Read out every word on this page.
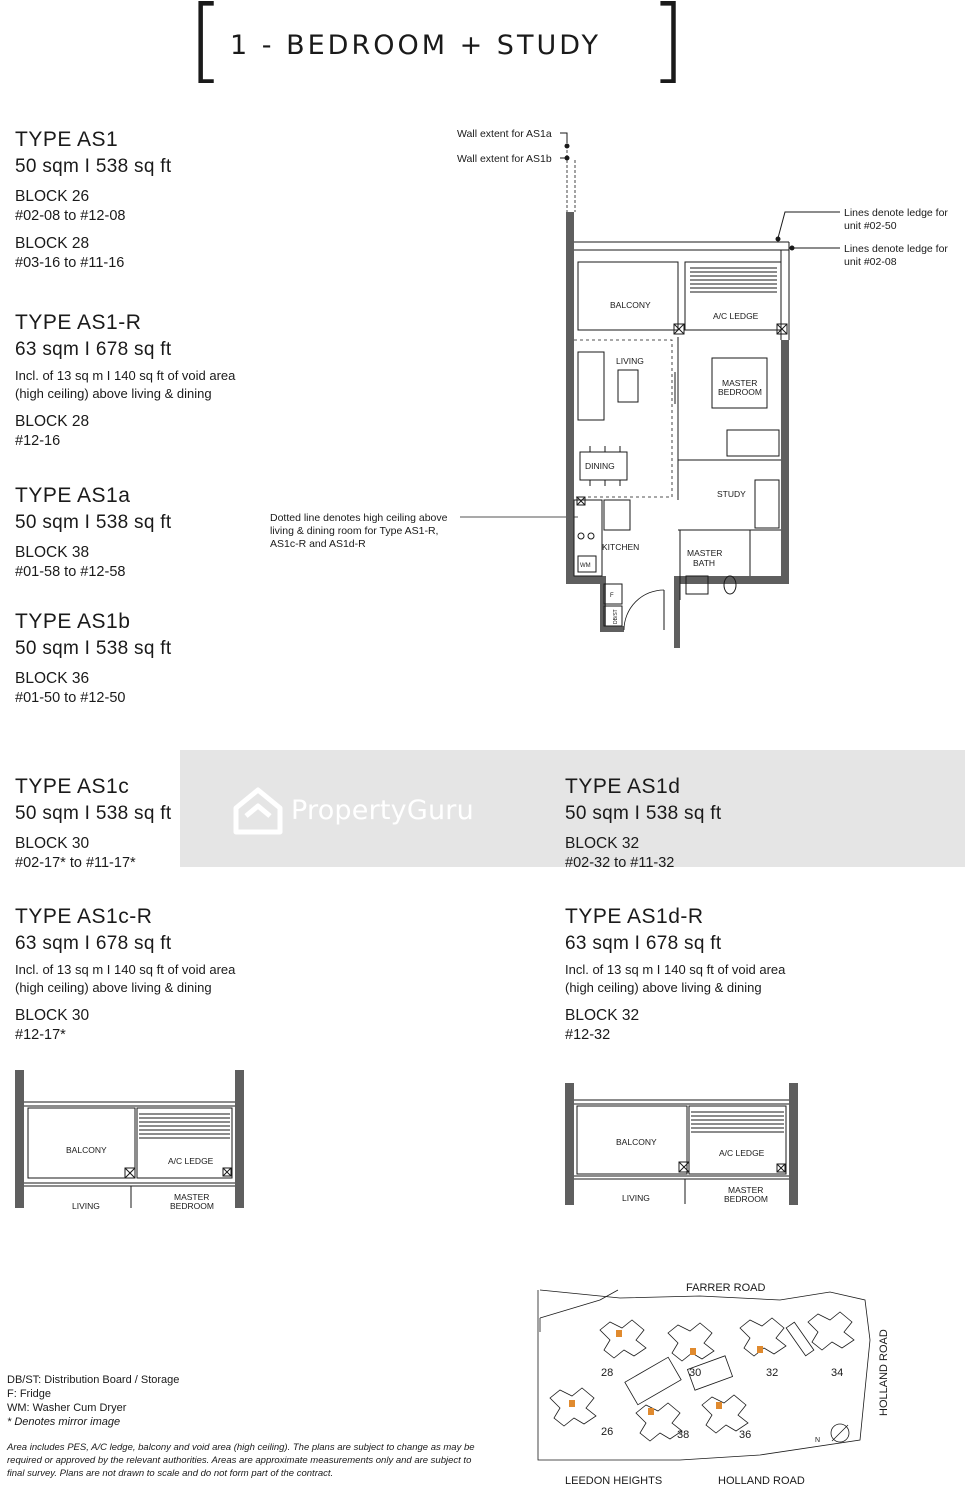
[ 1 - BEDROOM + STUDY ]
TYPE AS1
50 sqm I 538 sq ft
BLOCK 26
#02-08 to #12-08
BLOCK 28
#03-16 to #11-16
TYPE AS1-R
63 sqm I 678 sq ft
Incl. of 13 sq m I 140 sq ft of void area
(high ceiling) above living & dining
BLOCK 28
#12-16
TYPE AS1a
50 sqm I 538 sq ft
BLOCK 38
#01-58 to #12-58
TYPE AS1b
50 sqm I 538 sq ft
BLOCK 36
#01-50 to #12-50
BALCONY
A/C LEDGE
LIVING
MASTER
BEDROOM
DINING
STUDY
KITCHEN
MASTER
BATH
WM
F
DB/ST
Wall extent for AS1a
Wall extent for AS1b
Lines denote ledge for
unit #02-50
Lines denote ledge for
unit #02-08
Dotted line denotes high ceiling above
living & dining room for Type AS1-R,
AS1c-R and AS1d-R
PropertyGuru
TYPE AS1c
50 sqm I 538 sq ft
BLOCK 30
#02-17* to #11-17*
TYPE AS1c-R
63 sqm I 678 sq ft
Incl. of 13 sq m I 140 sq ft of void area
(high ceiling) above living & dining
BLOCK 30
#12-17*
TYPE AS1d
50 sqm I 538 sq ft
BLOCK 32
#02-32 to #11-32
TYPE AS1d-R
63 sqm I 678 sq ft
Incl. of 13 sq m I 140 sq ft of void area
(high ceiling) above living & dining
BLOCK 32
#12-32
BALCONY
A/C LEDGE
LIVING
MASTER
BEDROOM
BALCONY
A/C LEDGE
LIVING
MASTER
BEDROOM
DB/ST: Distribution Board / Storage
F: Fridge
WM: Washer Cum Dryer
* Denotes mirror image
Area includes PES, A/C ledge, balcony and void area (high ceiling). The plans are subject to change as may be
required or approved by the relevant authorities. Areas are approximate measurements only and are subject to
final survey. Plans are not drawn to scale and do not form part of the contract.
FARRER ROAD
HOLLAND ROAD
LEEDON HEIGHTS	HOLLAND ROAD
28	30	32	34
26	38	36	N
